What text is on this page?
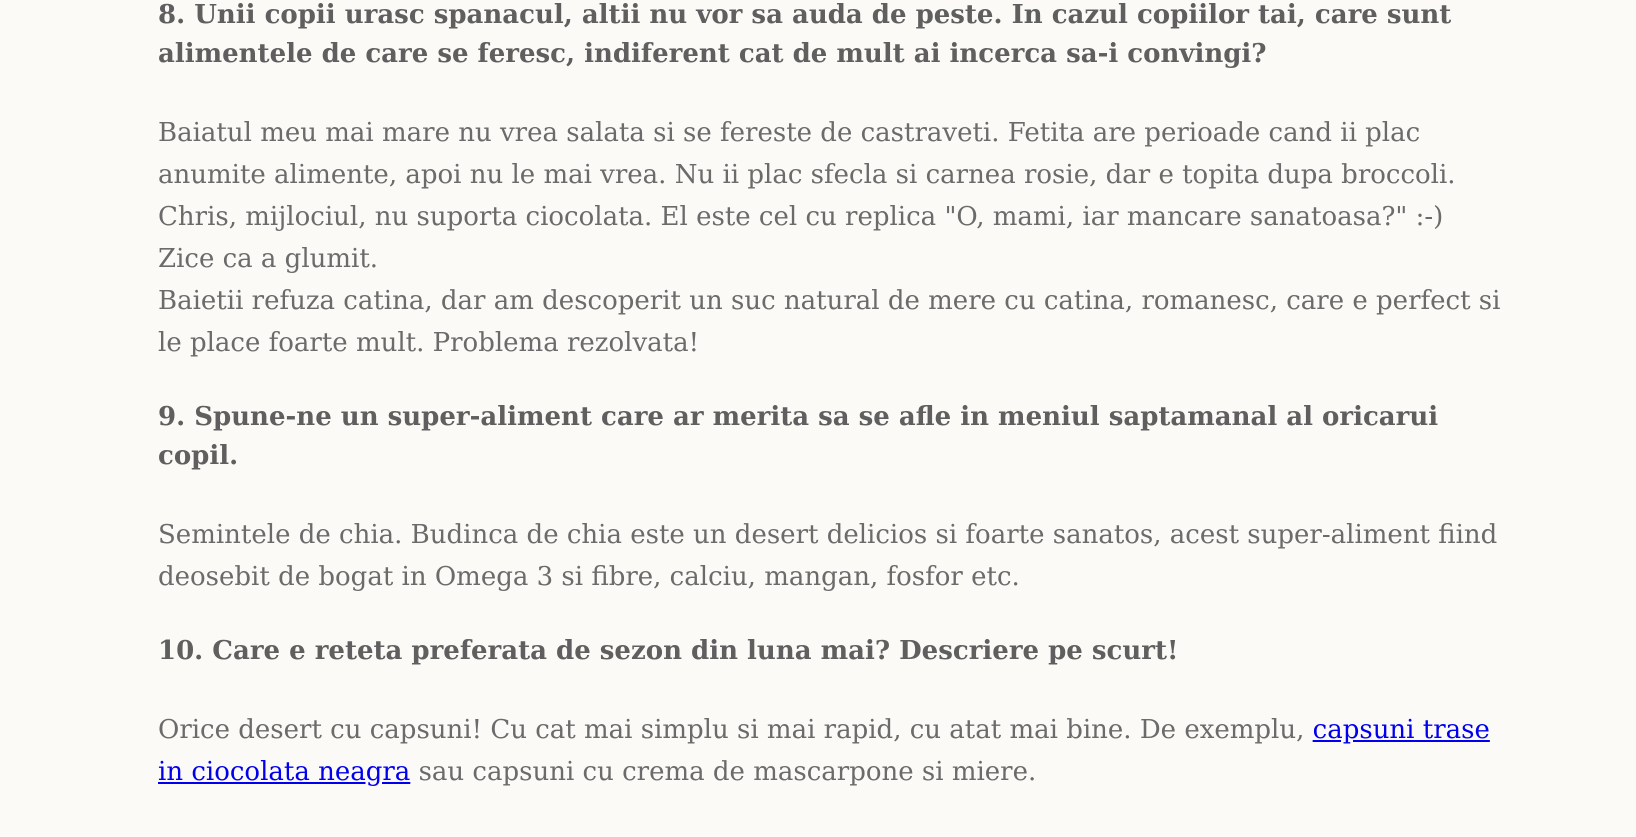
8. Unii copii urasc spanacul, altii nu vor sa auda de peste. In cazul copiilor tai, care sunt
alimentele de care se feresc, indiferent cat de mult ai incerca sa-i convingi?

Baiatul meu mai mare nu vrea salata si se fereste de castraveti. Fetita are perioade cand ii plac
anumite alimente, apoi nu le mai vrea. Nu ii plac sfecla si carnea rosie, dar e topita dupa broccoli.
Chris, mijlociul, nu suporta ciocolata. El este cel cu replica "O, mami, iar mancare sanatoasa?" :-)
Zice ca a glumit.
Baietii refuza catina, dar am descoperit un suc natural de mere cu catina, romanesc, care e perfect si
le place foarte mult. Problema rezolvata!

9. Spune-ne un super-aliment care ar merita sa se afle in meniul saptamanal al oricarui
copil.

Semintele de chia. Budinca de chia este un desert delicios si foarte sanatos, acest super-aliment fiind
deosebit de bogat in Omega 3 si fibre, calciu, mangan, fosfor etc.

10. Care e reteta preferata de sezon din luna mai? Descriere pe scurt!

Orice desert cu capsuni! Cu cat mai simplu si mai rapid, cu atat mai bine. De exemplu, capsuni trase
in ciocolata neagra sau capsuni cu crema de mascarpone si miere.
